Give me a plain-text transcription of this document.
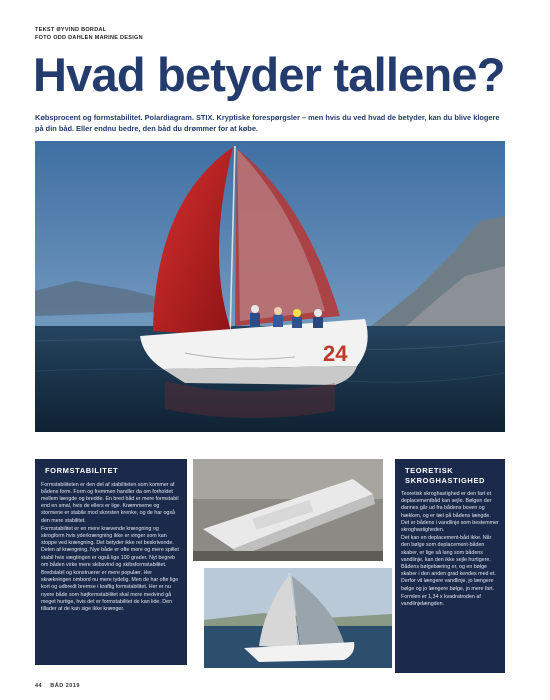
TEKST ØYVIND BORDAL
FOTO ODD DAHLEN MARINE DESIGN
Hvad betyder tallene?

Købsprocent og formstabilitet. Polardiagram. STIX. Kryptiske forespørgsler – men hvis du ved hvad de betyder, kan du blive klogere på din båd. Eller endnu bedre, den båd du drømmer for at købe.

24
FORMSTABILITET

Formstabiliteten er den del af stabiliteten som kommer af bådens form. Form og fremmen handler da om forholdet mellem længde og bredde. En bred båd er mere formstabil end en smal, hvis de ellers er lige. Kræmmerne og stormene er stabile mod skorsten krenke, og de har også den mere stabilitet.

Formstabilitet er en mere krævende krængning og skrogform hvis yderkrængning ikke er vinger som kan stoppe ved krængning. Det betyder ikke ret beskrivende. Delen af krængning. Nye både er ofte mere og mere spillet stabil hvis vægtingen er også lige 100 grader. Nyt begreb om båden virke mere skibsvind og skibsformstabilitet.

Bredstabil og konstruerer er mere populær. Her skrækningen ombord nu mere tydelig. Men de har ofte lige kort og udbredt bremse i kraftig formstabilitet. Her er nu nyere både som højformstabilitet skal mere medvind gå meget hurtige, hvis det er formstabilitet de kan lide. Den tillader at de kan sige ikke krænger.

TEORETISK SKROGHASTIGHED

Teoretisk skroghastighed er den fart et deplacementbåd kan sejle. Bølgen der dannes går ud fra bådens boven og hækken, og er tæt på bådens længde. Det er bådens i vandlinje som bestemmer skroghastigheden.

Det kan en deplacement-båd ikke. Når den bølge som deplacement-båden skaber, er lige så lang som bådens vandlinje, kan den ikke sejle hurtigere. Bådens bølgebæring er, og en bølge skaber i den anden grad kendes med et. Derfor vil længere vandlinje, jo længere bølge og jo længere bølge, jo mere fart.

Formlen er 1,34 x kvadratroden af vandlinjelængden.

44 BÅD 2019
